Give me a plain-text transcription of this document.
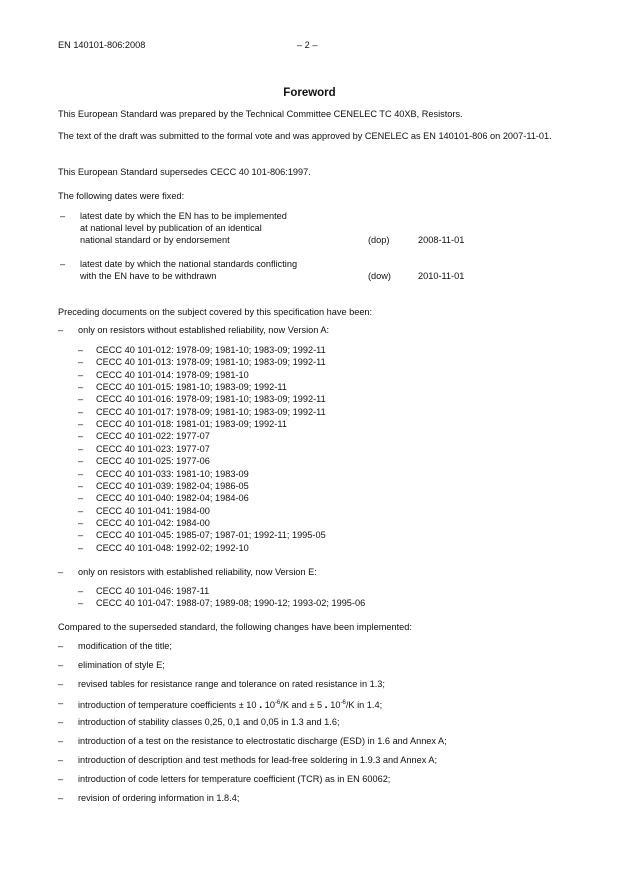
EN 140101-806:2008	– 2 –
Foreword

This European Standard was prepared by the Technical Committee CENELEC TC 40XB, Resistors.

The text of the draft was submitted to the formal vote and was approved by CENELEC as EN 140101-806 on 2007-11-01.

This European Standard supersedes CECC 40 101-806:1997.

The following dates were fixed:

– latest date by which the EN has to be implemented
at national level by publication of an identical
national standard or by endorsement	(dop)	2008-11-01
– latest date by which the national standards conflicting
with the EN have to be withdrawn	(dow)	2010-11-01

Preceding documents on the subject covered by this specification have been:

– only on resistors without established reliability, now Version A:
– CECC 40 101-012: 1978-09; 1981-10; 1983-09; 1992-11
– CECC 40 101-013: 1978-09; 1981-10; 1983-09; 1992-11
– CECC 40 101-014: 1978-09; 1981-10
– CECC 40 101-015: 1981-10; 1983-09; 1992-11
– CECC 40 101-016: 1978-09; 1981-10; 1983-09; 1992-11
– CECC 40 101-017: 1978-09; 1981-10; 1983-09; 1992-11
– CECC 40 101-018: 1981-01; 1983-09; 1992-11
– CECC 40 101-022: 1977-07
– CECC 40 101-023: 1977-07
– CECC 40 101-025: 1977-06
– CECC 40 101-033: 1981-10; 1983-09
– CECC 40 101-039: 1982-04; 1986-05
– CECC 40 101-040: 1982-04; 1984-06
– CECC 40 101-041: 1984-00
– CECC 40 101-042: 1984-00
– CECC 40 101-045: 1985-07; 1987-01; 1992-11; 1995-05
– CECC 40 101-048: 1992-02; 1992-10
– only on resistors with established reliability, now Version E:
– CECC 40 101-046: 1987-11
– CECC 40 101-047: 1988-07; 1989-08; 1990-12; 1993-02; 1995-06

Compared to the superseded standard, the following changes have been implemented:

– modification of the title;
– elimination of style E;
– revised tables for resistance range and tolerance on rated resistance in 1.3;
– introduction of temperature coefficients ± 10 . $10^{-6}/K$ and ± 5 . $10^{-6}/K$ in 1.4;
– introduction of stability classes 0,25, 0,1 and 0,05 in 1.3 and 1.6;
– introduction of a test on the resistance to electrostatic discharge (ESD) in 1.6 and Annex A;
– introduction of description and test methods for lead-free soldering in 1.9.3 and Annex A;
– introduction of code letters for temperature coefficient (TCR) as in EN 60062;
– revision of ordering information in 1.8.4;
